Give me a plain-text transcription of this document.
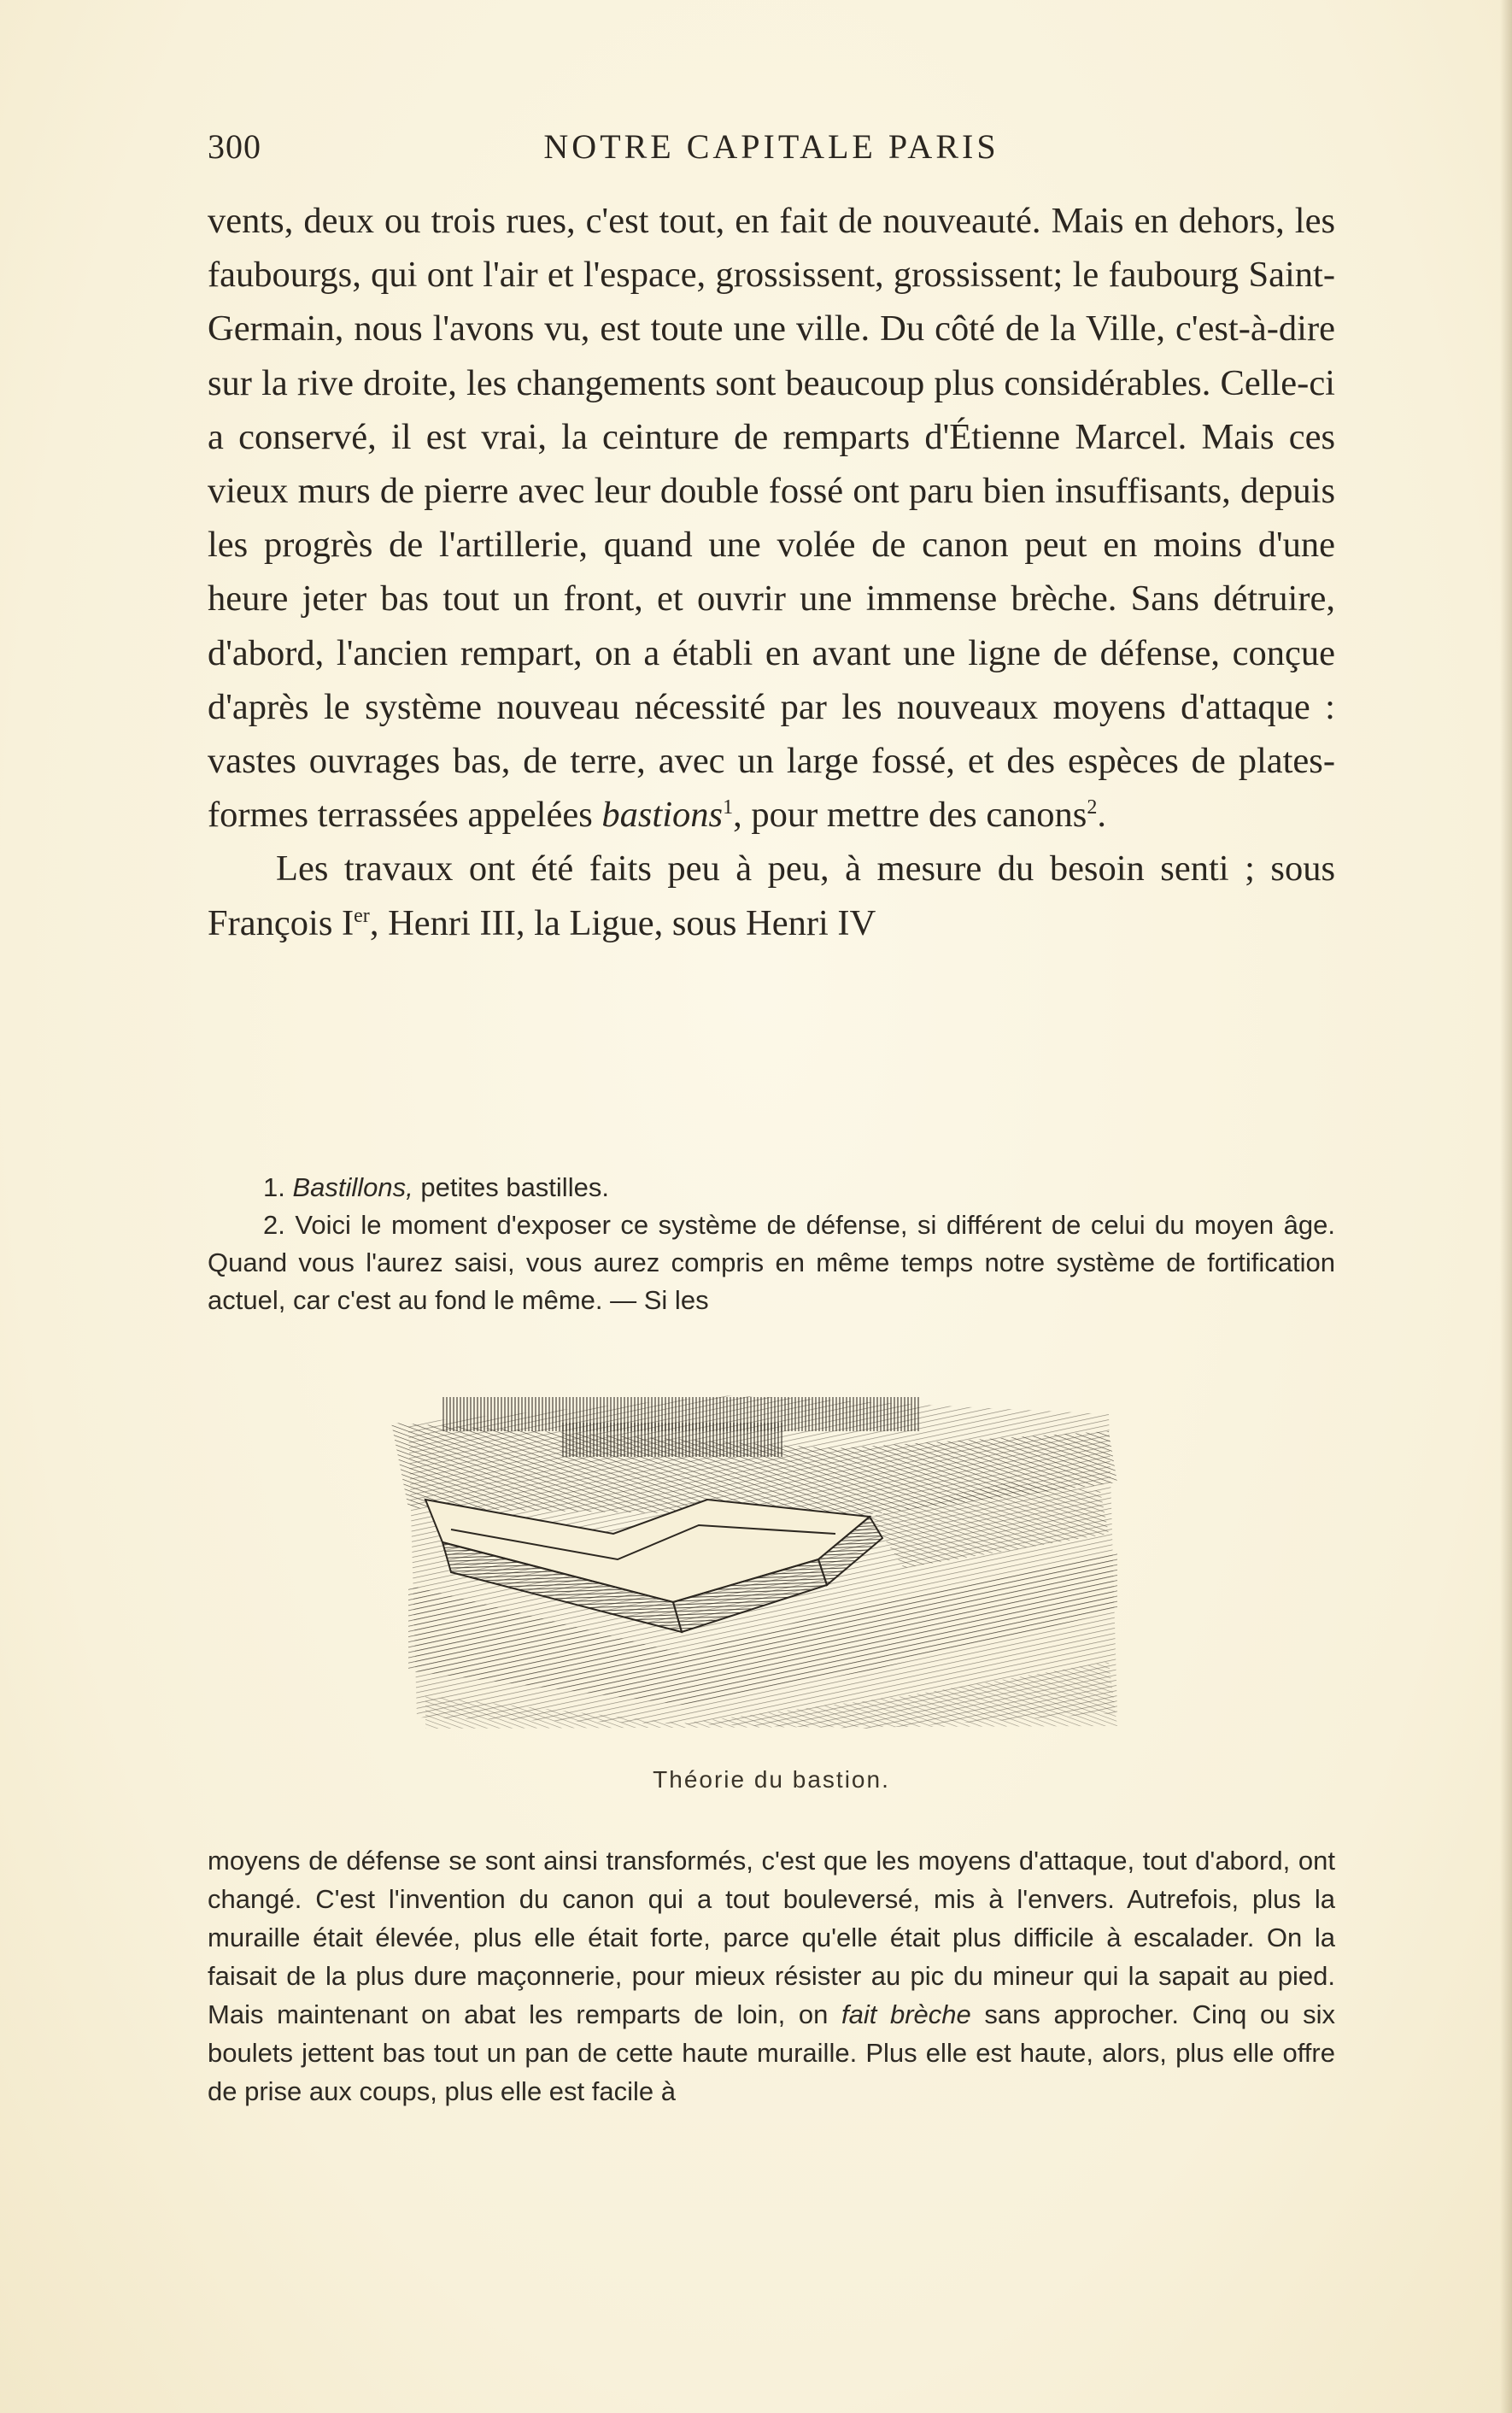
300	NOTRE CAPITALE PARIS

vents, deux ou trois rues, c'est tout, en fait de nouveauté. Mais en dehors, les faubourgs, qui ont l'air et l'espace, grossissent, grossissent; le faubourg Saint-Germain, nous l'avons vu, est toute une ville. Du côté de la Ville, c'est-à-dire sur la rive droite, les changements sont beaucoup plus considérables. Celle-ci a conservé, il est vrai, la ceinture de remparts d'Étienne Marcel. Mais ces vieux murs de pierre avec leur double fossé ont paru bien insuffisants, depuis les progrès de l'artillerie, quand une volée de canon peut en moins d'une heure jeter bas tout un front, et ouvrir une immense brèche. Sans détruire, d'abord, l'ancien rempart, on a établi en avant une ligne de défense, conçue d'après le système nouveau nécessité par les nouveaux moyens d'attaque : vastes ouvrages bas, de terre, avec un large fossé, et des espèces de plates-formes terrassées appelées bastions$^1$, pour mettre des canons$^2$.

Les travaux ont été faits peu à peu, à mesure du besoin senti ; sous François Ier, Henri III, la Ligue, sous Henri IV

1. Bastillons, petites bastilles.

2. Voici le moment d'exposer ce système de défense, si différent de celui du moyen âge. Quand vous l'aurez saisi, vous aurez compris en même temps notre système de fortification actuel, car c'est au fond le même. — Si les

Théorie du bastion.

moyens de défense se sont ainsi transformés, c'est que les moyens d'attaque, tout d'abord, ont changé. C'est l'invention du canon qui a tout bouleversé, mis à l'envers. Autrefois, plus la muraille était élevée, plus elle était forte, parce qu'elle était plus difficile à escalader. On la faisait de la plus dure maçonnerie, pour mieux résister au pic du mineur qui la sapait au pied. Mais maintenant on abat les remparts de loin, on fait brèche sans approcher. Cinq ou six boulets jettent bas tout un pan de cette haute muraille. Plus elle est haute, alors, plus elle offre de prise aux coups, plus elle est facile à
